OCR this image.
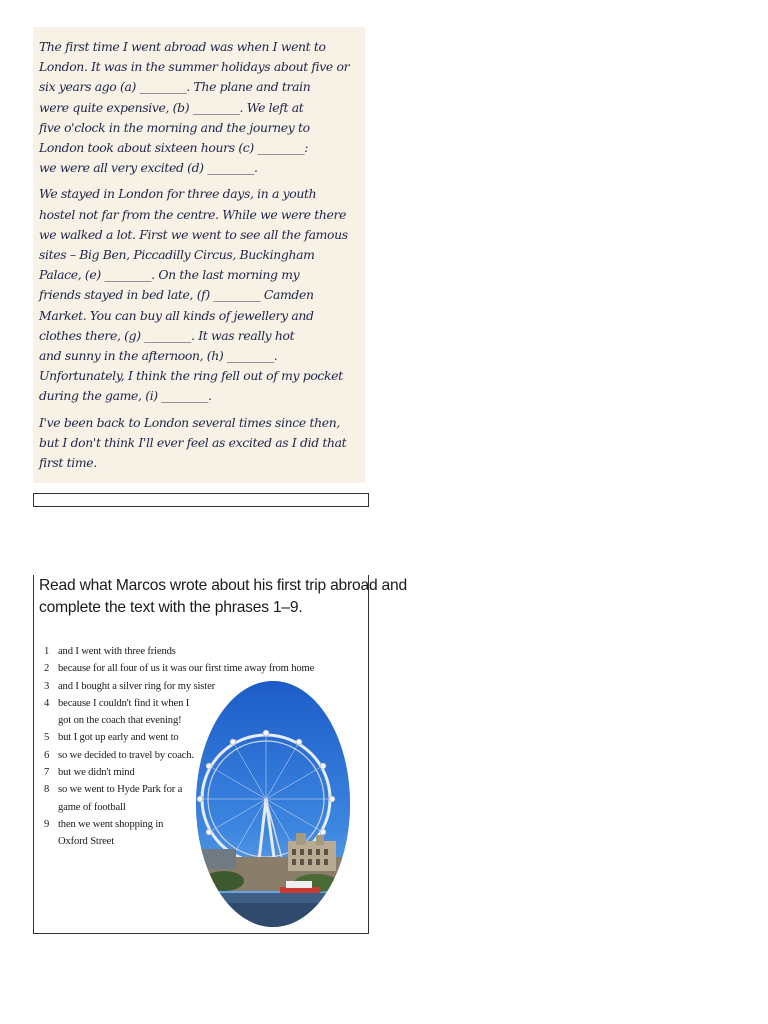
The first time I went abroad was when I went to
London. It was in the summer holidays about five or
six years ago (a) ________. The plane and train
were quite expensive, (b) ________. We left at
five o'clock in the morning and the journey to
London took about sixteen hours (c) ________:
we were all very excited (d) ________.
We stayed in London for three days, in a youth
hostel not far from the centre. While we were there
we walked a lot. First we went to see all the famous
sites – Big Ben, Piccadilly Circus, Buckingham
Palace, (e) ________. On the last morning my
friends stayed in bed late, (f) ________ Camden
Market. You can buy all kinds of jewellery and
clothes there, (g) ________. It was really hot
and sunny in the afternoon, (h) ________.
Unfortunately, I think the ring fell out of my pocket
during the game, (i) ________.
I've been back to London several times since then,
but I don't think I'll ever feel as excited as I did that
first time.
Read what Marcos wrote about his first trip abroad and
complete the text with the phrases 1–9.
1 and I went with three friends
2 because for all four of us it was our first time away from home
3 and I bought a silver ring for my sister
4 because I couldn't find it when I
got on the coach that evening!
5 but I got up early and went to
6 so we decided to travel by coach.
7 but we didn't mind
8 so we went to Hyde Park for a
game of football
9 then we went shopping in
Oxford Street
